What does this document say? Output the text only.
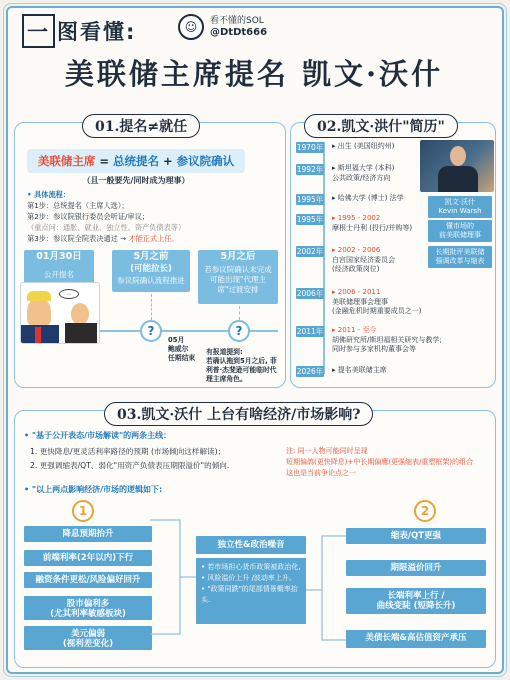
一 图看懂:	☺	看不懂的SOL
@DtDt666
美联储主席提名 凯文·沃什
美联储主席 = 总统提名 + 参议院确认
（且一般要先/同时成为理事）
• 具体流程：
第1步：总统提名（主席人选）；
第2步：参议院银行委员会听证/审议；
（重点问：通胀、就业、独立性、资产负债表等）
第3步：参议院全院表决通过 → 才能正式上任。
01.提名≠就任
01月30日
公开提名
5月之前
(可能拉长)
参议院确认流程推进
5月之后
若参议院确认未完成可能出现"代理主席"过渡安排
...
?	?
05月
鲍威尔
任期结束
有报道提到:
若确认拖到5月之后, 菲利普·杰斐逊可能临时代理主席角色。
02.凯文·洪什"简历"
1970年 ▸ 出生 (美国纽约州)
1992年 ▸ 斯坦福大学 (本科)
公共政策/经济方向
1995年 ▸ 哈佛大学 (博士) 法学
1995年 ▸ 1995 - 2002
摩根士丹利 (投行/并购等)
2002年 ▸ 2002 - 2006
白宫国家经济委员会
(经济政策岗位)
2006年 ▸ 2006 - 2011
美联储理事会理事
(金融危机时期重要成员之一)
2011年 ▸ 2011 - 至今
胡佛研究所/斯坦福相关研究与教学;
同时参与多家机构董事会等
2026年 ▸ 提名美联储主席
凯文·沃什
Kevin Warsh
懂市场的
前美联储理事
长期批评美联储
强调改革与缩表
03.凯文·沃什 上台有啥经济/市场影响?
• "基于公开表态/市场解读"的两条主线：
1. 更快降息/更灵活利率路径的预期 (市场倾向这样解读)；
2. 更强调缩表/QT、弱化"用资产负债表压期限溢价"的倾向.
注: 同一人物可能同时呈现
短期偏鸽(更快降息)+中长期偏鹰(更强缩表/重塑框架)的组合
这也是当前争论点之一
• "以上两点影响经济/市场的逻辑如下:
1	2
降息预期抬升
前端利率(2年以内)下行
融资条件更松/风险偏好回升
股市偏利多
(尤其利率敏感板块)
美元偏弱
(视利差变化)
缩表/QT更强
期限溢价回升
长端利率上行 /
曲线变陡 (短降长升)
美债长端&高估值资产承压
独立性&政治噪音
• 若市场担心货币政策被政治化,
• 风险溢价上升 /波动率上升。
• "政策同跌"的尾部情景概率抬头.
